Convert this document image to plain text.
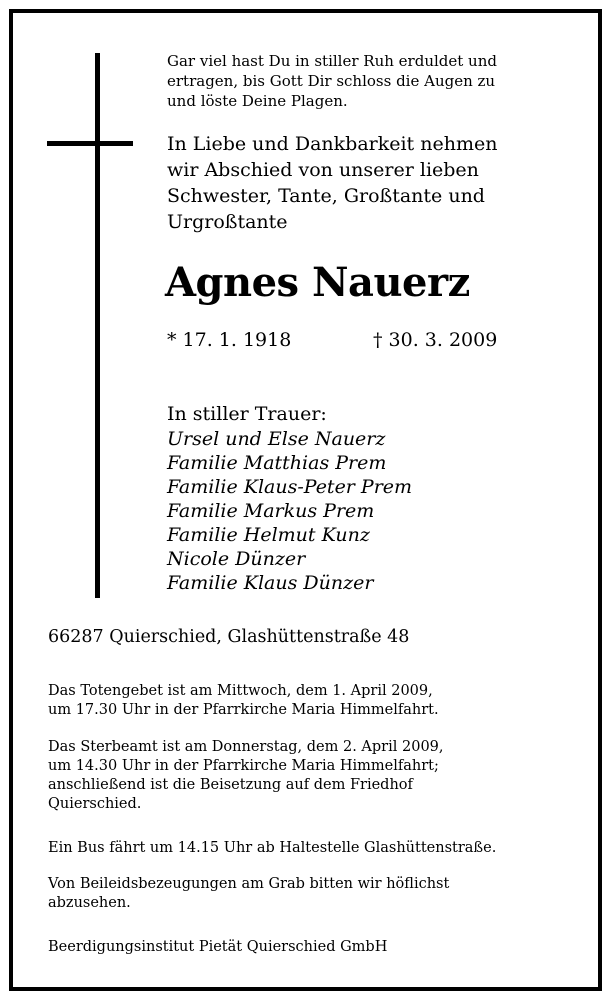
Gar viel hast Du in stiller Ruh erduldet und
ertragen, bis Gott Dir schloss die Augen zu
und löste Deine Plagen.
In Liebe und Dankbarkeit nehmen
wir Abschied von unserer lieben
Schwester, Tante, Großtante und
Urgroßtante
Agnes Nauerz
* 17. 1. 1918	† 30. 3. 2009
In stiller Trauer:
Ursel und Else Nauerz
Familie Matthias Prem
Familie Klaus-Peter Prem
Familie Markus Prem
Familie Helmut Kunz
Nicole Dünzer
Familie Klaus Dünzer
66287 Quierschied, Glashüttenstraße 48
Das Totengebet ist am Mittwoch, dem 1. April 2009,
um 17.30 Uhr in der Pfarrkirche Maria Himmelfahrt.
Das Sterbeamt ist am Donnerstag, dem 2. April 2009,
um 14.30 Uhr in der Pfarrkirche Maria Himmelfahrt;
anschließend ist die Beisetzung auf dem Friedhof
Quierschied.
Ein Bus fährt um 14.15 Uhr ab Haltestelle Glashüttenstraße.
Von Beileidsbezeugungen am Grab bitten wir höflichst
abzusehen.
Beerdigungsinstitut Pietät Quierschied GmbH
